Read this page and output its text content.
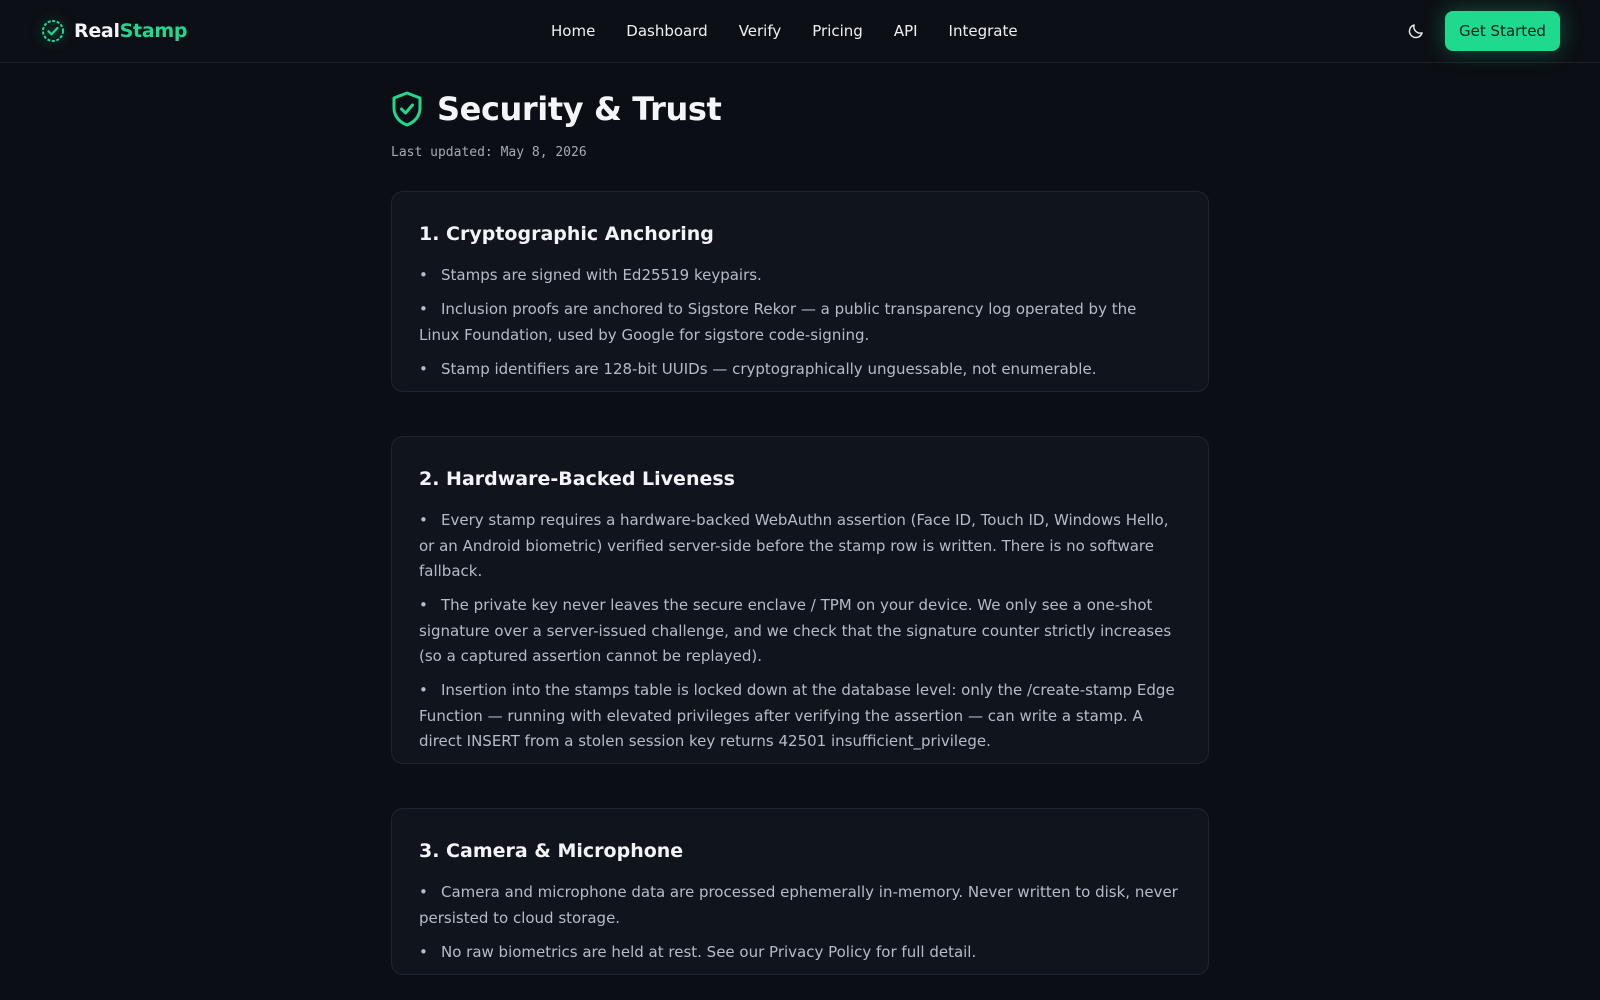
RealStamp	Home Dashboard Verify Pricing API Integrate	Get Started
Security & Trust
Last updated: May 8, 2026
1. Cryptographic Anchoring
• Stamps are signed with Ed25519 keypairs.
• Inclusion proofs are anchored to Sigstore Rekor — a public transparency log operated by the Linux Foundation, used by Google for sigstore code-signing.
• Stamp identifiers are 128-bit UUIDs — cryptographically unguessable, not enumerable.
2. Hardware-Backed Liveness
• Every stamp requires a hardware-backed WebAuthn assertion (Face ID, Touch ID, Windows Hello, or an Android biometric) verified server-side before the stamp row is written. There is no software fallback.
• The private key never leaves the secure enclave / TPM on your device. We only see a one-shot signature over a server-issued challenge, and we check that the signature counter strictly increases (so a captured assertion cannot be replayed).
• Insertion into the stamps table is locked down at the database level: only the /create-stamp Edge Function — running with elevated privileges after verifying the assertion — can write a stamp. A direct INSERT from a stolen session key returns 42501 insufficient_privilege.
3. Camera & Microphone
• Camera and microphone data are processed ephemerally in-memory. Never written to disk, never persisted to cloud storage.
• No raw biometrics are held at rest. See our Privacy Policy for full detail.
